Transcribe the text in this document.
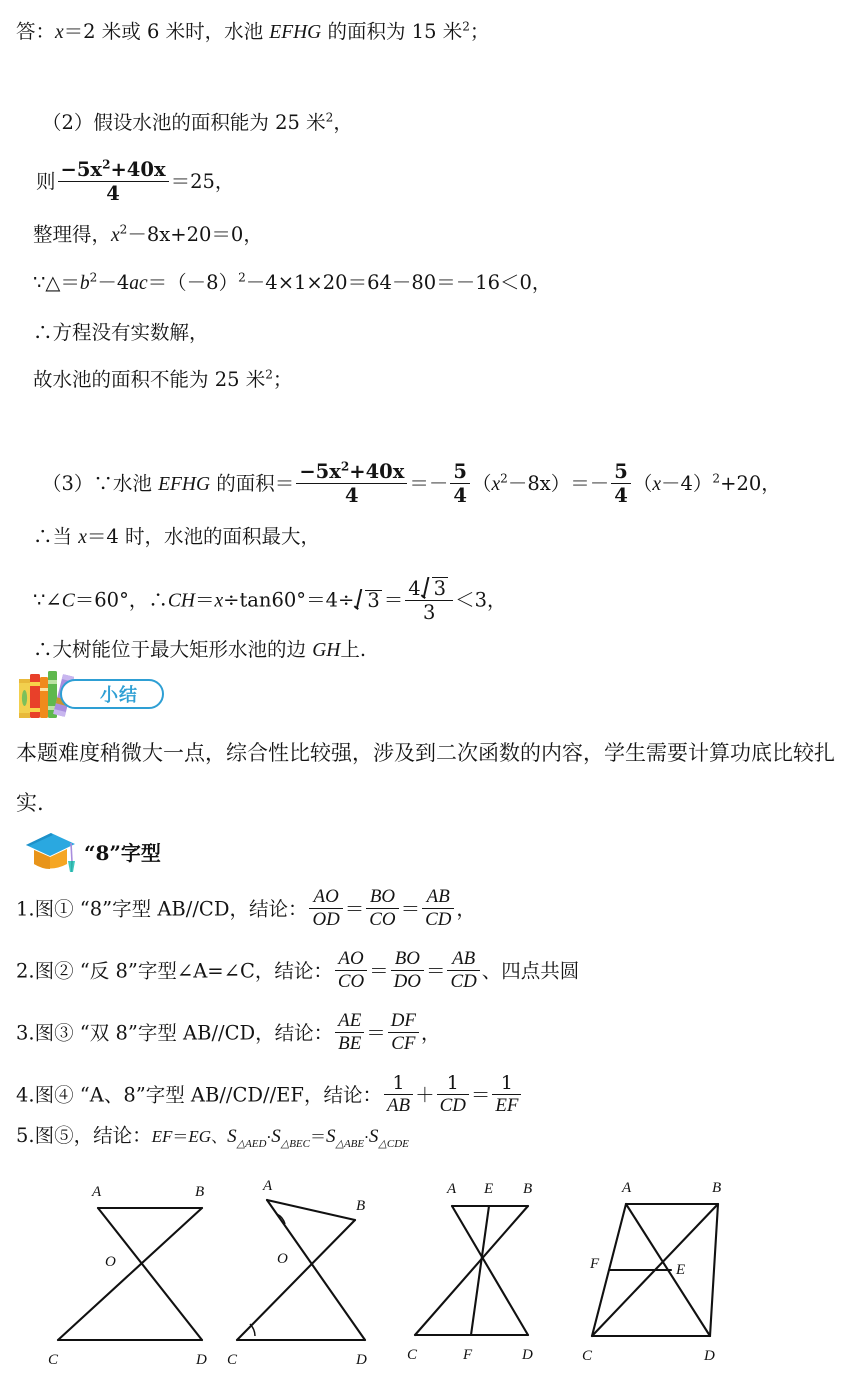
答：x＝2 米或 6 米时，水池 EFHG 的面积为 15 米$^2$；
（2）假设水池的面积能为 25 米$^2$，
则 $\frac{-5x^2+40x}{4} =25$，
整理得，$x^2-8x+20=0$，
$\because\triangle=b^2-4ac=(-8)^2-4\times 1\times 20=64-80=-16<0$，
∴方程没有实数解，
故水池的面积不能为 25 米$^2$；
（3）∵水池 EFHG 的面积＝ $\frac{-5x^2+40x}{4} =- \frac{5}{4} (x^2-8x)=- \frac{5}{4} (x-4)^2+20$，
∴当 x＝4 时，水池的面积最大，
∵∠C＝60°，∴CH＝x÷tan60°＝4÷ $3 = \frac{4 3}{3} <3$，
∴大树能位于最大矩形水池的边 GH上.
小结
本题难度稍微大一点，综合性比较强，涉及到二次函数的内容，学生需要计算功底比较扎
实.
“8”字型
1.图① “8”字型 AB//CD，结论： $\frac{AO}{OD} = \frac{BO}{CO} = \frac{AB}{CD}$ ，
2.图② “反 8”字型∠A=∠C，结论： $\frac{AO}{CO} = \frac{BO}{DO} = \frac{AB}{CD}$ 、四点共圆
3.图③ “双 8”字型 AB//CD，结论： $\frac{AE}{BE} = \frac{DF}{CF}$ ，
4.图④ “A、8”字型 AB//CD//EF，结论： $\frac{1}{AB} + \frac{1}{CD} = \frac{1}{EF}$
5.图⑤，结论：EF＝EG、$S_{\triangle AED}\cdot S_{\triangle BEC}=S_{\triangle ABE}\cdot S_{\triangle CDE}$
A	B
O
C	D
A
B
O
C	D
A E B
C	F	D
A	B
F	E
C	D
